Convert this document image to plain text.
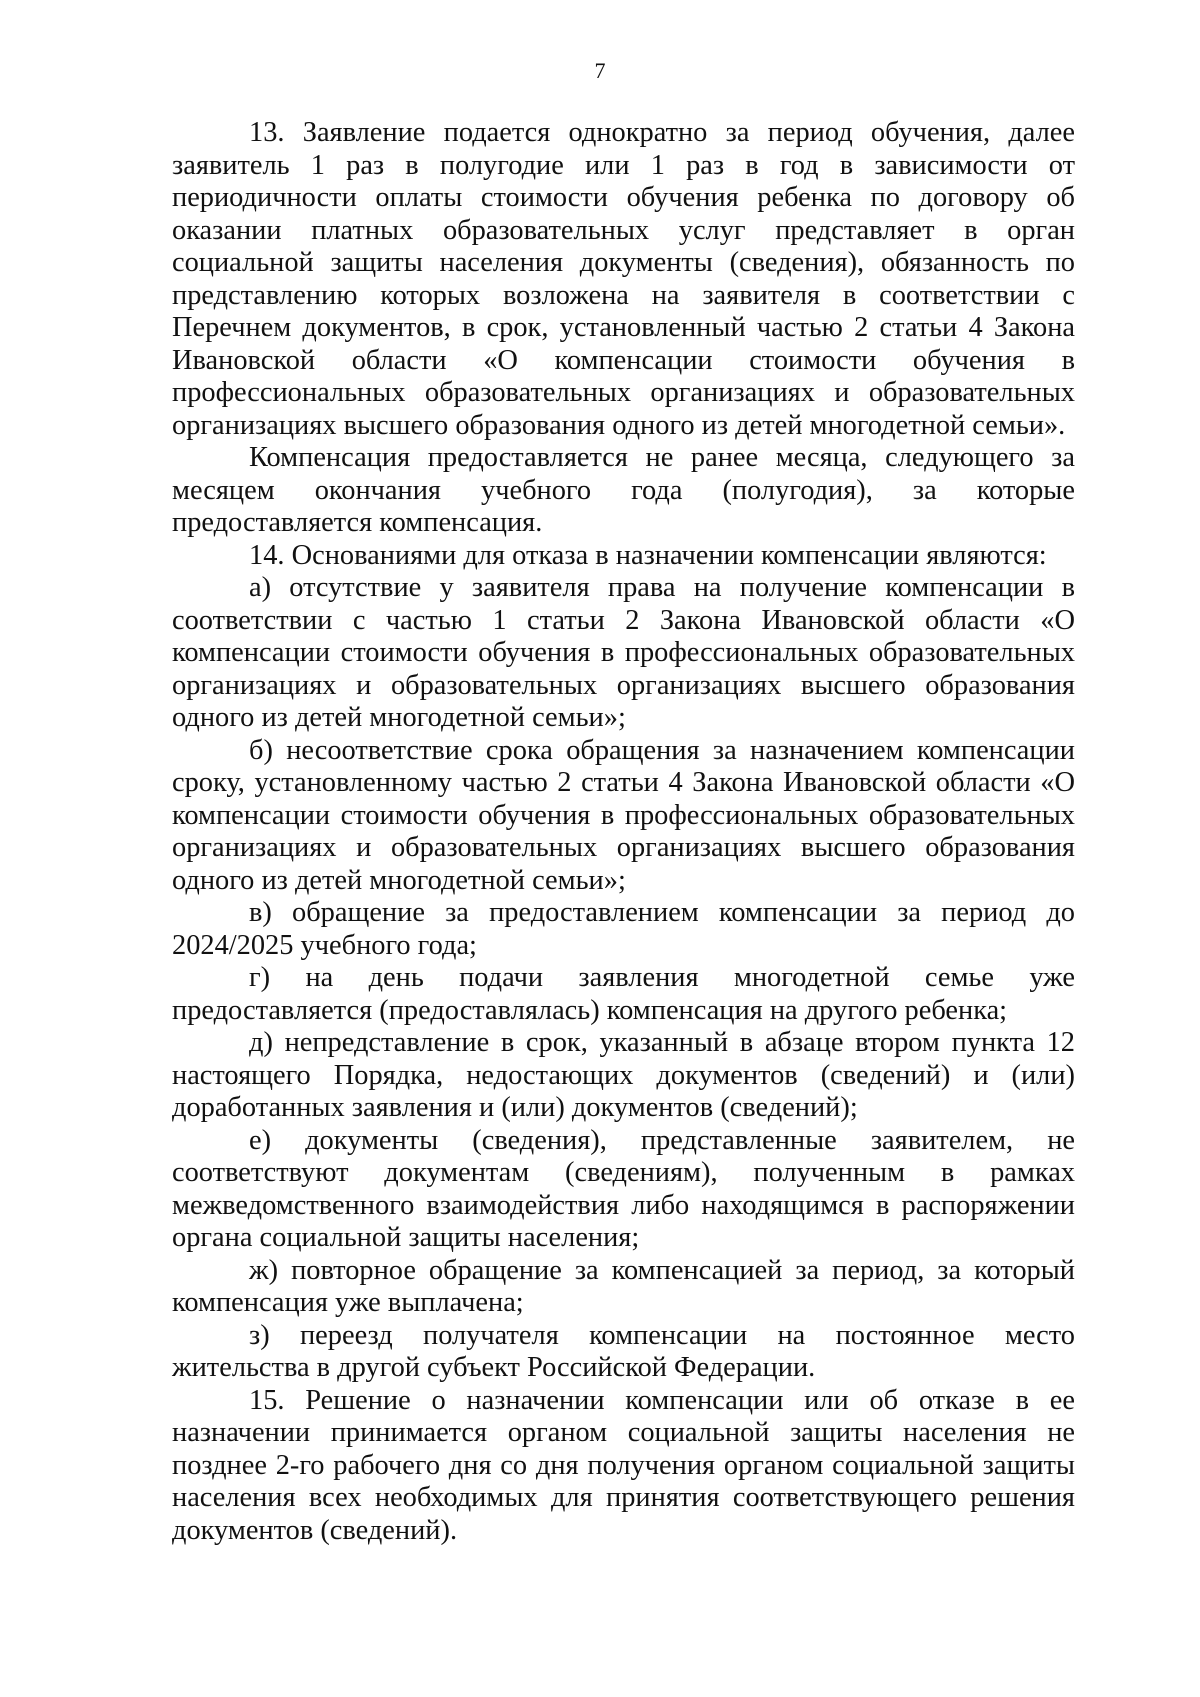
7

13. Заявление подается однократно за период обучения, далее заявитель 1 раз в полугодие или 1 раз в год в зависимости от периодичности оплаты стоимости обучения ребенка по договору об оказании платных образовательных услуг представляет в орган социальной защиты населения документы (сведения), обязанность по представлению которых возложена на заявителя в соответствии с Перечнем документов, в срок, установленный частью 2 статьи 4 Закона Ивановской области «О компенсации стоимости обучения в профессиональных образовательных организациях и образовательных организациях высшего образования одного из детей многодетной семьи».

Компенсация предоставляется не ранее месяца, следующего за месяцем окончания учебного года (полугодия), за которые предоставляется компенсация.

14. Основаниями для отказа в назначении компенсации являются:

а) отсутствие у заявителя права на получение компенсации в соответствии с частью 1 статьи 2 Закона Ивановской области «О компенсации стоимости обучения в профессиональных образовательных организациях и образовательных организациях высшего образования одного из детей многодетной семьи»;

б) несоответствие срока обращения за назначением компенсации сроку, установленному частью 2 статьи 4 Закона Ивановской области «О компенсации стоимости обучения в профессиональных образовательных организациях и образовательных организациях высшего образования одного из детей многодетной семьи»;

в) обращение за предоставлением компенсации за период до 2024/2025 учебного года;

г) на день подачи заявления многодетной семье уже предоставляется (предоставлялась) компенсация на другого ребенка;

д) непредставление в срок, указанный в абзаце втором пункта 12 настоящего Порядка, недостающих документов (сведений) и (или) доработанных заявления и (или) документов (сведений);

е) документы (сведения), представленные заявителем, не соответствуют документам (сведениям), полученным в рамках межведомственного взаимодействия либо находящимся в распоряжении органа социальной защиты населения;

ж) повторное обращение за компенсацией за период, за который компенсация уже выплачена;

з) переезд получателя компенсации на постоянное место жительства в другой субъект Российской Федерации.

15. Решение о назначении компенсации или об отказе в ее назначении принимается органом социальной защиты населения не позднее 2-го рабочего дня со дня получения органом социальной защиты населения всех необходимых для принятия соответствующего решения документов (сведений).
